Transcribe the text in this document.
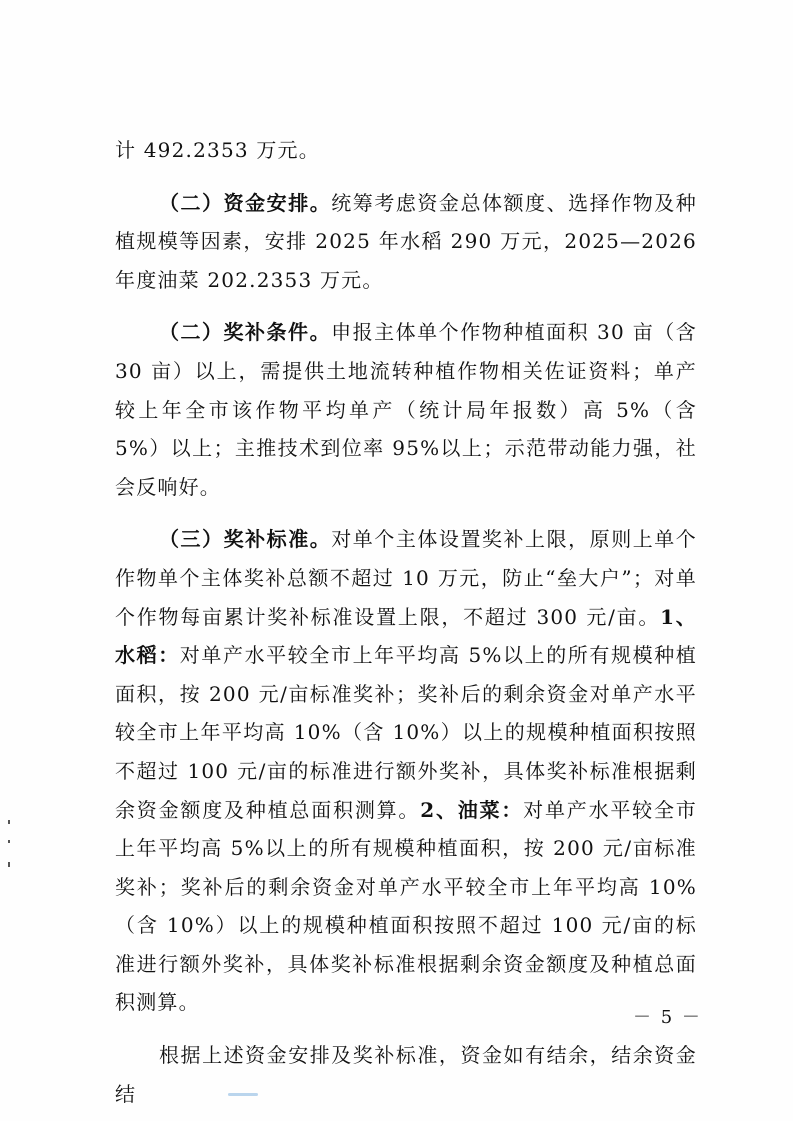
计 492.2353 万元。

（二）资金安排。统筹考虑资金总体额度、选择作物及种植规模等因素，安排 2025 年水稻 290 万元，2025—2026 年度油菜 202.2353 万元。

（二）奖补条件。申报主体单个作物种植面积 30 亩（含 30 亩）以上，需提供土地流转种植作物相关佐证资料；单产较上年全市该作物平均单产（统计局年报数）高 5%（含 5%）以上；主推技术到位率 95%以上；示范带动能力强，社会反响好。

（三）奖补标准。对单个主体设置奖补上限，原则上单个作物单个主体奖补总额不超过 10 万元，防止“垒大户”；对单个作物每亩累计奖补标准设置上限，不超过 300 元/亩。1、水稻：对单产水平较全市上年平均高 5%以上的所有规模种植面积，按 200 元/亩标准奖补；奖补后的剩余资金对单产水平较全市上年平均高 10%（含 10%）以上的规模种植面积按照不超过 100 元/亩的标准进行额外奖补，具体奖补标准根据剩余资金额度及种植总面积测算。2、油菜：对单产水平较全市上年平均高 5%以上的所有规模种植面积，按 200 元/亩标准奖补；奖补后的剩余资金对单产水平较全市上年平均高 10%（含 10%）以上的规模种植面积按照不超过 100 元/亩的标准进行额外奖补，具体奖补标准根据剩余资金额度及种植总面积测算。

根据上述资金安排及奖补标准，资金如有结余，结余资金结

－ 5 －
